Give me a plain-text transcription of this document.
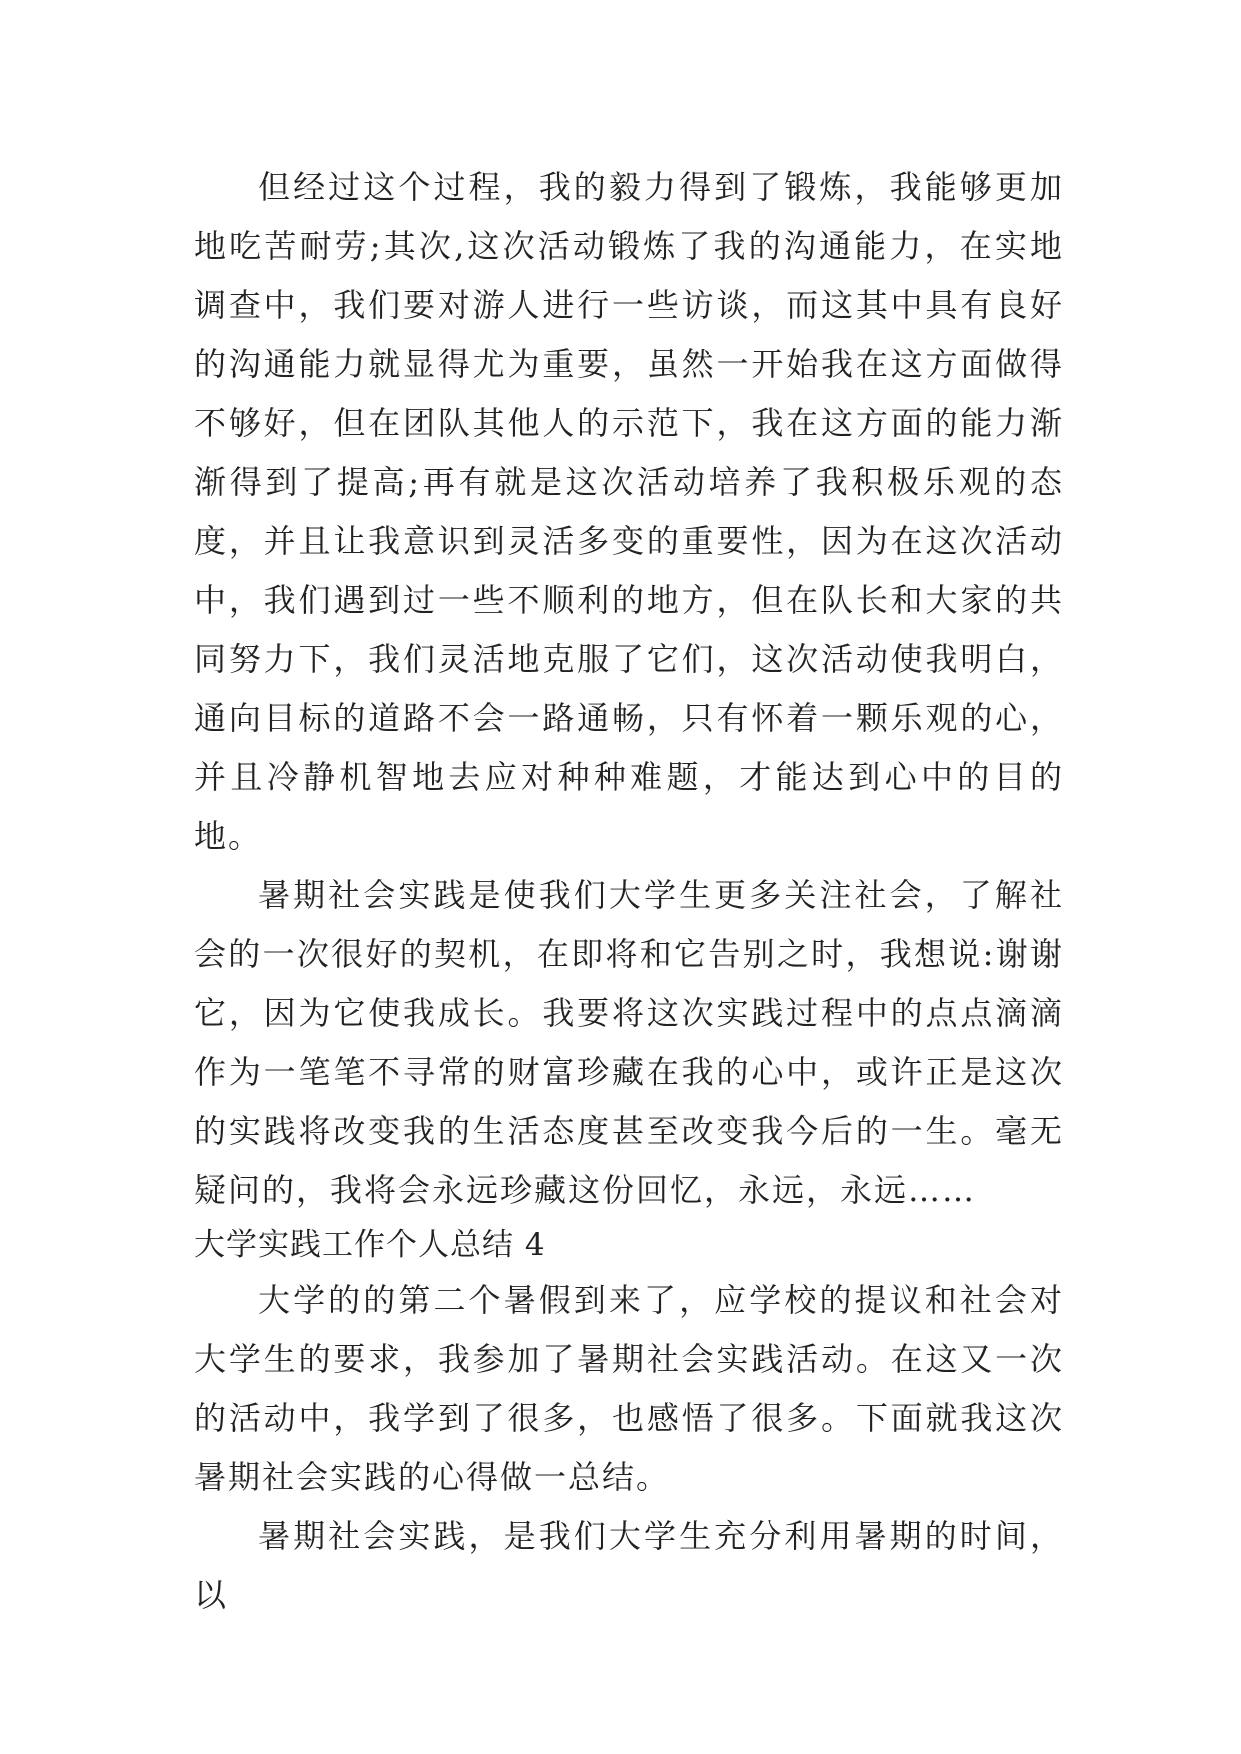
但经过这个过程，我的毅力得到了锻炼，我能够更加地吃苦耐劳;其次,这次活动锻炼了我的沟通能力，在实地调查中，我们要对游人进行一些访谈，而这其中具有良好的沟通能力就显得尤为重要，虽然一开始我在这方面做得不够好，但在团队其他人的示范下，我在这方面的能力渐渐得到了提高;再有就是这次活动培养了我积极乐观的态度，并且让我意识到灵活多变的重要性，因为在这次活动中，我们遇到过一些不顺利的地方，但在队长和大家的共同努力下，我们灵活地克服了它们，这次活动使我明白，通向目标的道路不会一路通畅，只有怀着一颗乐观的心，并且冷静机智地去应对种种难题，才能达到心中的目的地。

暑期社会实践是使我们大学生更多关注社会，了解社会的一次很好的契机，在即将和它告别之时，我想说:谢谢它，因为它使我成长。我要将这次实践过程中的点点滴滴作为一笔笔不寻常的财富珍藏在我的心中，或许正是这次的实践将改变我的生活态度甚至改变我今后的一生。毫无疑问的，我将会永远珍藏这份回忆，永远，永远……

大学实践工作个人总结 4

大学的的第二个暑假到来了，应学校的提议和社会对大学生的要求，我参加了暑期社会实践活动。在这又一次的活动中，我学到了很多，也感悟了很多。下面就我这次暑期社会实践的心得做一总结。

暑期社会实践，是我们大学生充分利用暑期的时间，以
